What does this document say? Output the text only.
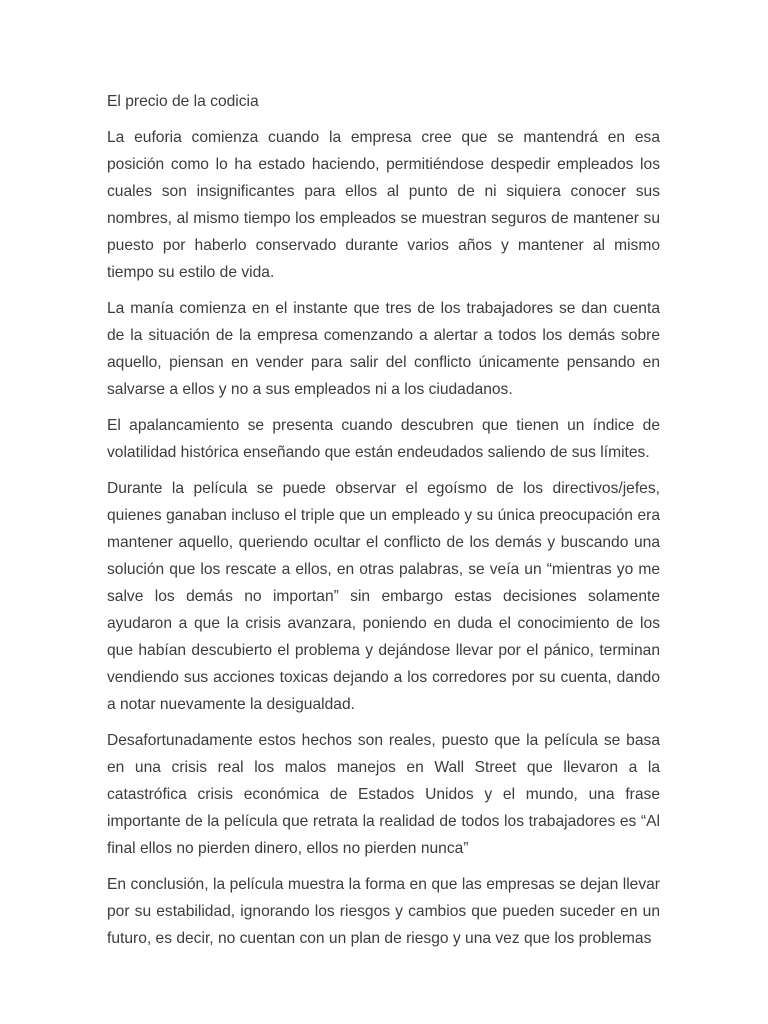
El precio de la codicia

La euforia comienza cuando la empresa cree que se mantendrá en esa posición como lo ha estado haciendo, permitiéndose despedir empleados los cuales son insignificantes para ellos al punto de ni siquiera conocer sus nombres, al mismo tiempo los empleados se muestran seguros de mantener su puesto por haberlo conservado durante varios años y mantener al mismo tiempo su estilo de vida.

La manía comienza en el instante que tres de los trabajadores se dan cuenta de la situación de la empresa comenzando a alertar a todos los demás sobre aquello, piensan en vender para salir del conflicto únicamente pensando en salvarse a ellos y no a sus empleados ni a los ciudadanos.

El apalancamiento se presenta cuando descubren que tienen un índice de volatilidad histórica enseñando que están endeudados saliendo de sus límites.

Durante la película se puede observar el egoísmo de los directivos/jefes, quienes ganaban incluso el triple que un empleado y su única preocupación era mantener aquello, queriendo ocultar el conflicto de los demás y buscando una solución que los rescate a ellos, en otras palabras, se veía un “mientras yo me salve los demás no importan” sin embargo estas decisiones solamente ayudaron a que la crisis avanzara, poniendo en duda el conocimiento de los que habían descubierto el problema y dejándose llevar por el pánico, terminan vendiendo sus acciones toxicas dejando a los corredores por su cuenta, dando a notar nuevamente la desigualdad.

Desafortunadamente estos hechos son reales, puesto que la película se basa en una crisis real los malos manejos en Wall Street que llevaron a la catastrófica crisis económica de Estados Unidos y el mundo, una frase importante de la película que retrata la realidad de todos los trabajadores es “Al final ellos no pierden dinero, ellos no pierden nunca”

En conclusión, la película muestra la forma en que las empresas se dejan llevar por su estabilidad, ignorando los riesgos y cambios que pueden suceder en un futuro, es decir, no cuentan con un plan de riesgo y una vez que los problemas
